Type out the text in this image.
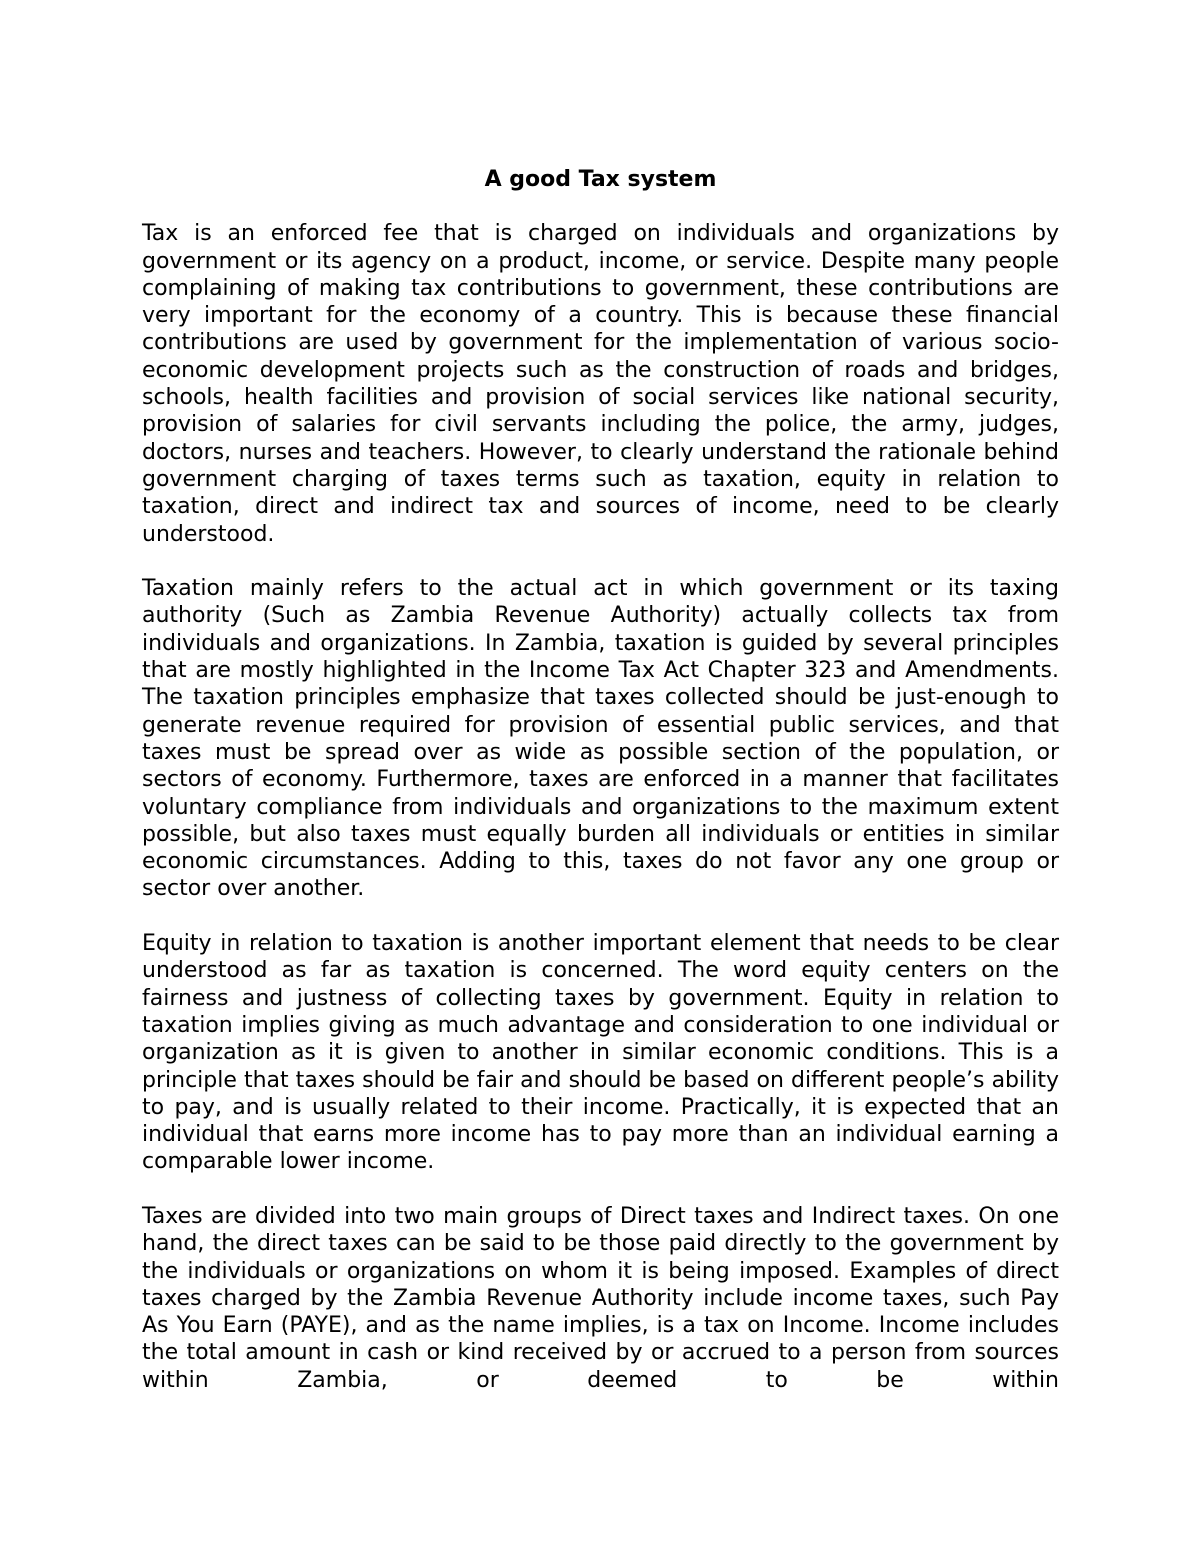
A good Tax system

Tax is an enforced fee that is charged on individuals and organizations by government or its agency on a product, income, or service. Despite many people complaining of making tax contributions to government, these contributions are very important for the economy of a country. This is because these financial contributions are used by government for the implementation of various socio-economic development projects such as the construction of roads and bridges, schools, health facilities and provision of social services like national security, provision of salaries for civil servants including the police, the army, judges, doctors, nurses and teachers. However, to clearly understand the rationale behind government charging of taxes terms such as taxation, equity in relation to taxation, direct and indirect tax and sources of income, need to be clearly understood.

Taxation mainly refers to the actual act in which government or its taxing authority (Such as Zambia Revenue Authority) actually collects tax from individuals and organizations. In Zambia, taxation is guided by several principles that are mostly highlighted in the Income Tax Act Chapter 323 and Amendments. The taxation principles emphasize that taxes collected should be just-enough to generate revenue required for provision of essential public services, and that taxes must be spread over as wide as possible section of the population, or sectors of economy. Furthermore, taxes are enforced in a manner that facilitates voluntary compliance from individuals and organizations to the maximum extent possible, but also taxes must equally burden all individuals or entities in similar economic circumstances. Adding to this, taxes do not favor any one group or sector over another.

Equity in relation to taxation is another important element that needs to be clear understood as far as taxation is concerned. The word equity centers on the fairness and justness of collecting taxes by government. Equity in relation to taxation implies giving as much advantage and consideration to one individual or organization as it is given to another in similar economic conditions. This is a principle that taxes should be fair and should be based on different people’s ability to pay, and is usually related to their income. Practically, it is expected that an individual that earns more income has to pay more than an individual earning a comparable lower income.

Taxes are divided into two main groups of Direct taxes and Indirect taxes. On one hand, the direct taxes can be said to be those paid directly to the government by the individuals or organizations on whom it is being imposed. Examples of direct taxes charged by the Zambia Revenue Authority include income taxes, such Pay As You Earn (PAYE), and as the name implies, is a tax on Income. Income includes the total amount in cash or kind received by or accrued to a person from sources within Zambia, or deemed to be within
